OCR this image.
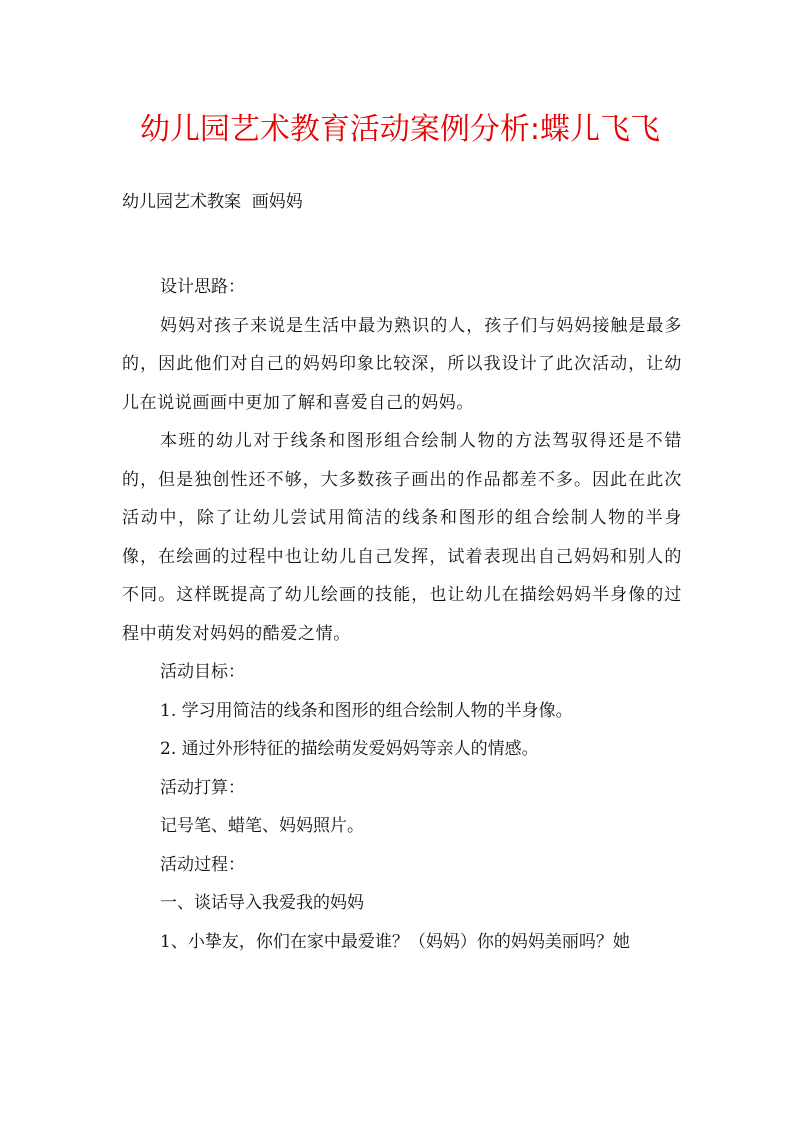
幼儿园艺术教育活动案例分析:蝶儿飞飞

幼儿园艺术教案  画妈妈

设计思路：

妈妈对孩子来说是生活中最为熟识的人，孩子们与妈妈接触是最多的，因此他们对自己的妈妈印象比较深，所以我设计了此次活动，让幼儿在说说画画中更加了解和喜爱自己的妈妈。

本班的幼儿对于线条和图形组合绘制人物的方法驾驭得还是不错的，但是独创性还不够，大多数孩子画出的作品都差不多。因此在此次活动中，除了让幼儿尝试用简洁的线条和图形的组合绘制人物的半身像，在绘画的过程中也让幼儿自己发挥，试着表现出自己妈妈和别人的不同。这样既提高了幼儿绘画的技能，也让幼儿在描绘妈妈半身像的过程中萌发对妈妈的酷爱之情。

活动目标：

1. 学习用简洁的线条和图形的组合绘制人物的半身像。

2. 通过外形特征的描绘萌发爱妈妈等亲人的情感。

活动打算：

记号笔、蜡笔、妈妈照片。

活动过程：

一、谈话导入我爱我的妈妈

1、小挚友，你们在家中最爱谁？（妈妈）你的妈妈美丽吗？她
